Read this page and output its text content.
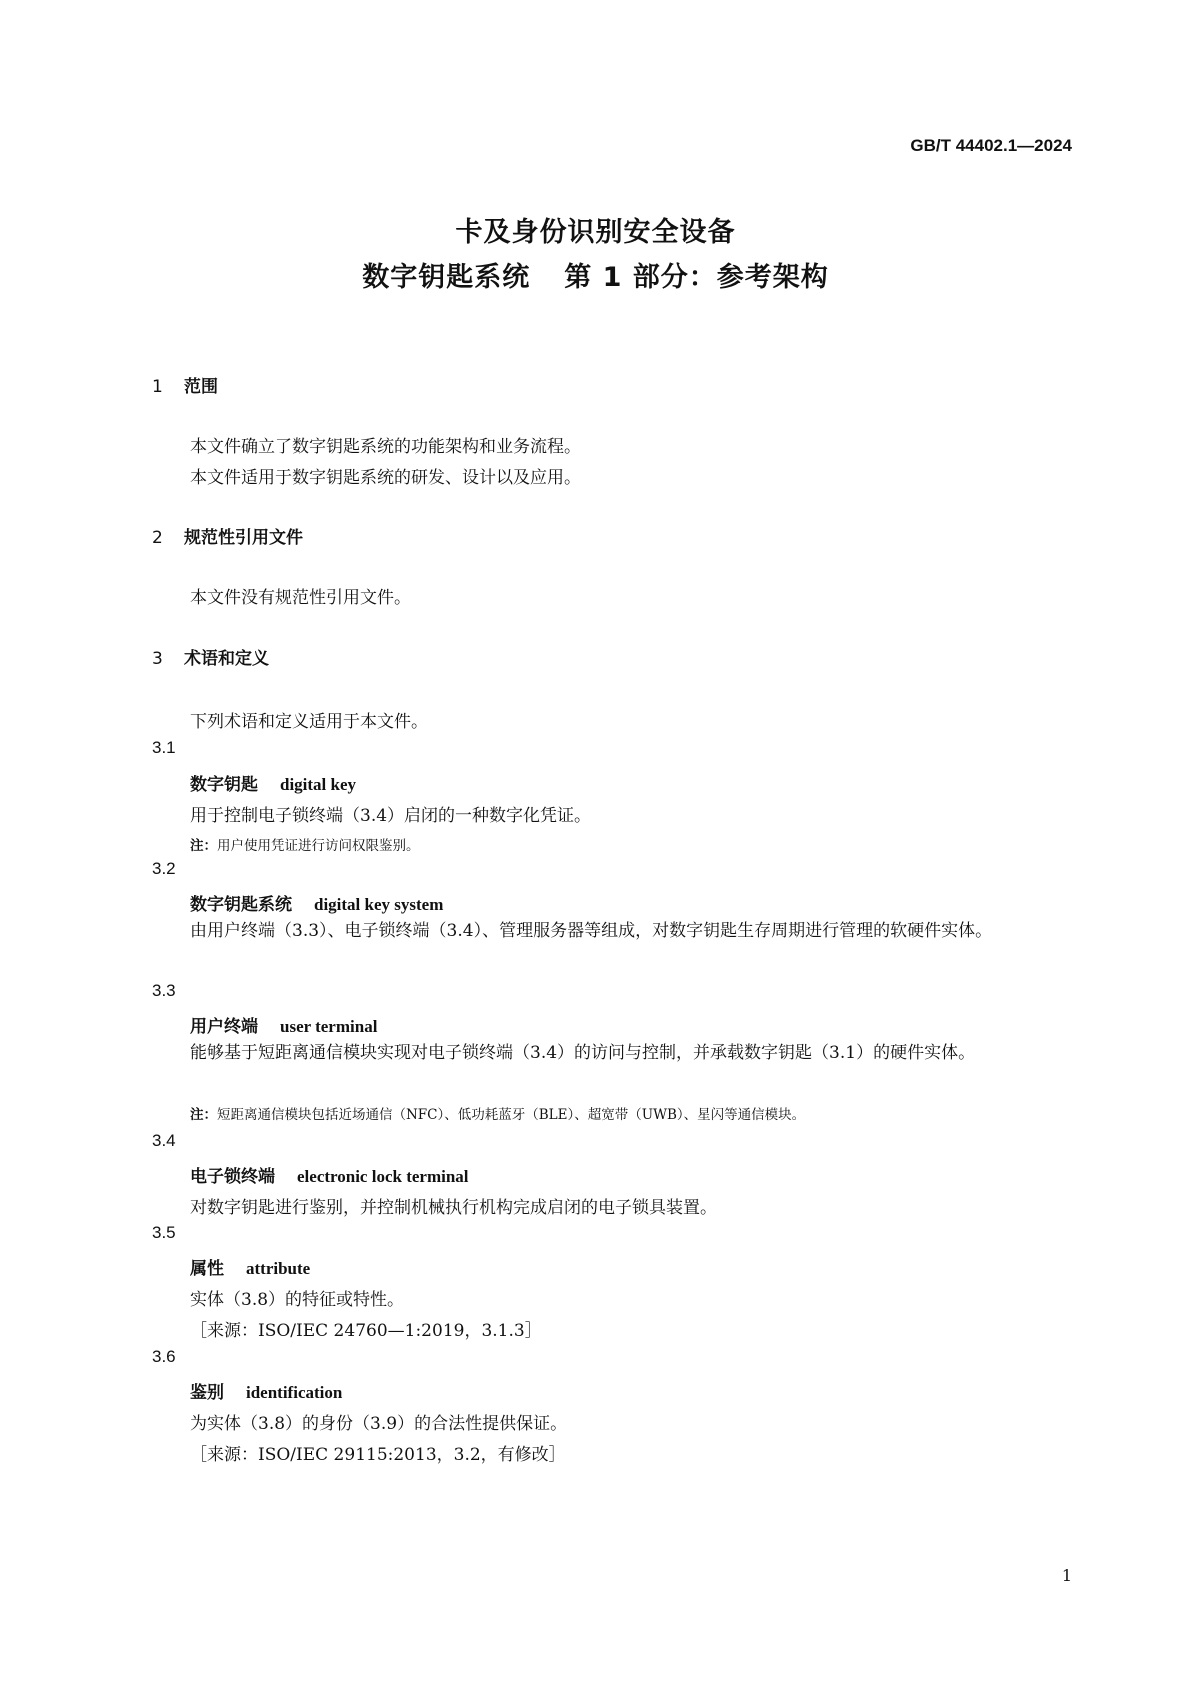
GB/T 44402.1—2024
卡及身份识别安全设备
数字钥匙系统 第 1 部分：参考架构
1 范围
本文件确立了数字钥匙系统的功能架构和业务流程。
本文件适用于数字钥匙系统的研发、设计以及应用。
2 规范性引用文件
本文件没有规范性引用文件。
3 术语和定义
下列术语和定义适用于本文件。
3.1
数字钥匙 digital key
用于控制电子锁终端（3.4）启闭的一种数字化凭证。
注：用户使用凭证进行访问权限鉴别。
3.2
数字钥匙系统 digital key system
由用户终端（3.3）、电子锁终端（3.4）、管理服务器等组成，对数字钥匙生存周期进行管理的软硬件实体。
3.3
用户终端 user terminal
能够基于短距离通信模块实现对电子锁终端（3.4）的访问与控制，并承载数字钥匙（3.1）的硬件实体。
注：短距离通信模块包括近场通信（NFC）、低功耗蓝牙（BLE）、超宽带（UWB）、星闪等通信模块。
3.4
电子锁终端 electronic lock terminal
对数字钥匙进行鉴别，并控制机械执行机构完成启闭的电子锁具装置。
3.5
属性 attribute
实体（3.8）的特征或特性。
［来源：ISO/IEC 24760—1:2019，3.1.3］
3.6
鉴别 identification
为实体（3.8）的身份（3.9）的合法性提供保证。
［来源：ISO/IEC 29115:2013，3.2，有修改］
1
